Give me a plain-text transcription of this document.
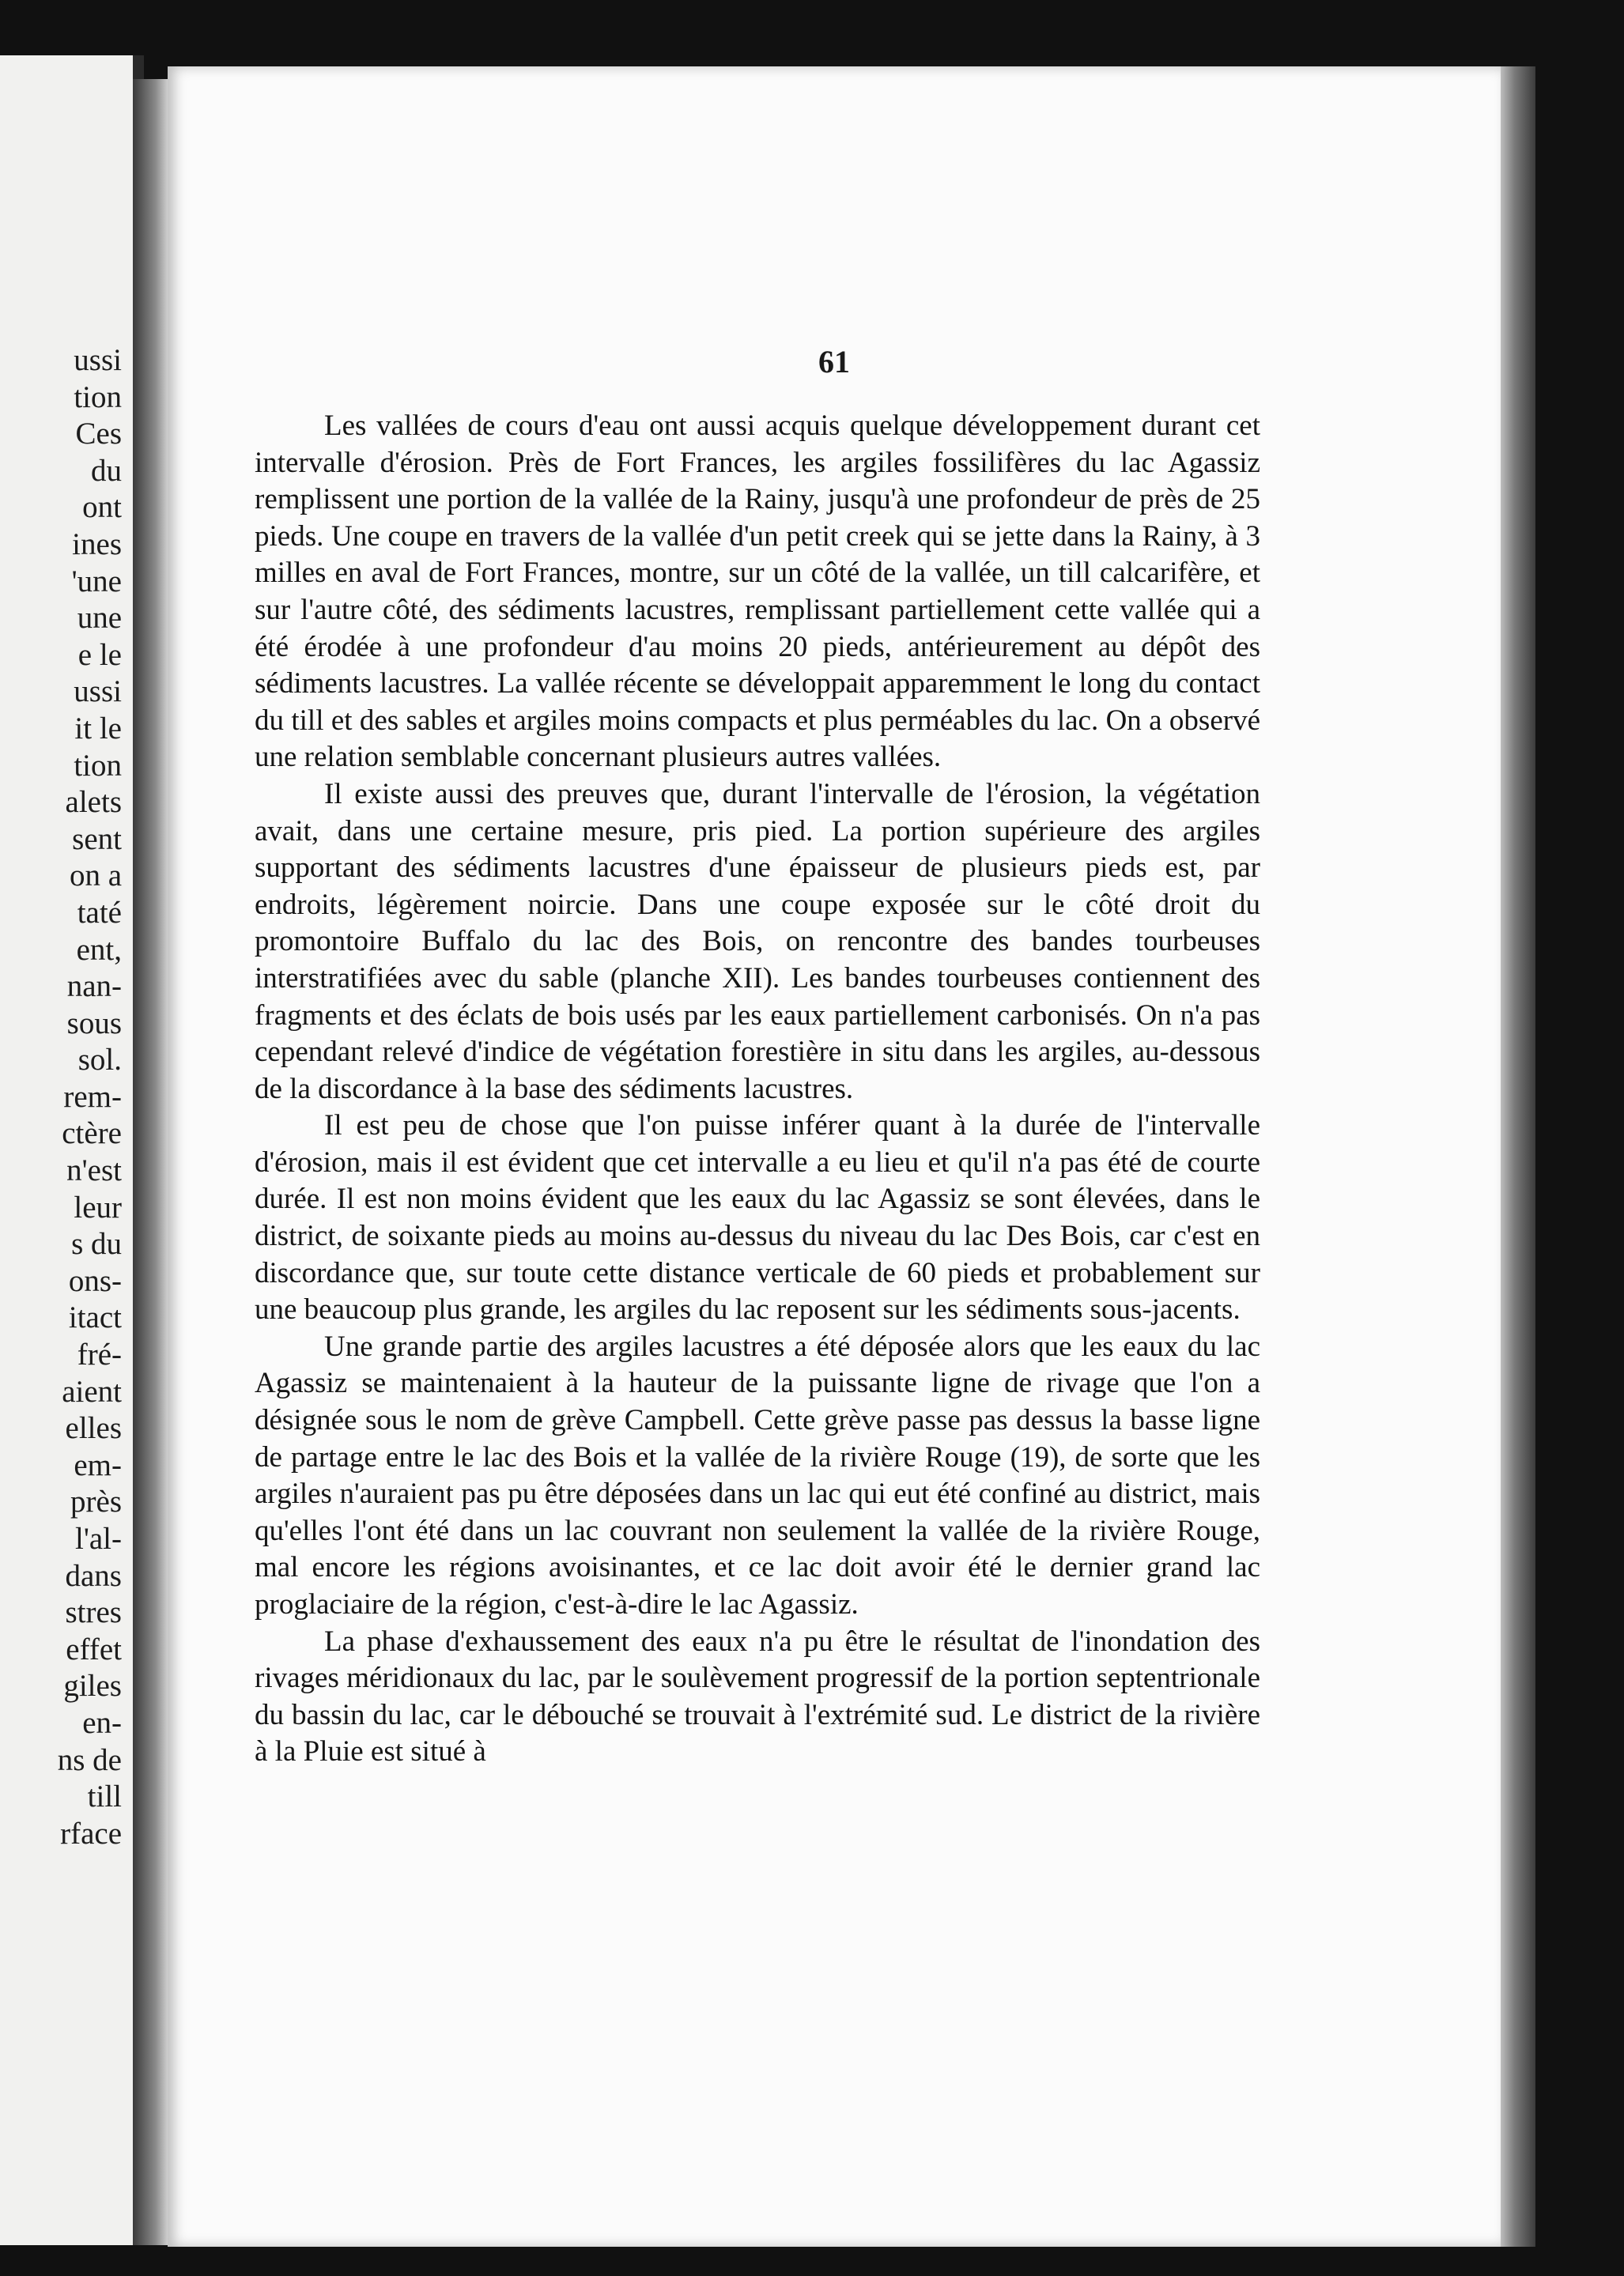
ussi
tion
Ces
du
ont
ines
'une
une
e le
ussi
it le
tion
alets
sent
on a
taté
ent,
nan-
sous
sol.
rem-
ctère
n'est
leur
s du
ons-
itact
fré-
aient
elles
em-
près
l'al-
dans
stres
effet
giles
en-
ns de
till
rface
61

Les vallées de cours d'eau ont aussi acquis quelque développement durant cet intervalle d'érosion. Près de Fort Frances, les argiles fossilifères du lac Agassiz remplissent une portion de la vallée de la Rainy, jusqu'à une profondeur de près de 25 pieds. Une coupe en travers de la vallée d'un petit creek qui se jette dans la Rainy, à 3 milles en aval de Fort Frances, montre, sur un côté de la vallée, un till calcarifère, et sur l'autre côté, des sédiments lacustres, remplissant partiellement cette vallée qui a été érodée à une profondeur d'au moins 20 pieds, antérieurement au dépôt des sédiments lacustres. La vallée récente se développait apparemment le long du contact du till et des sables et argiles moins compacts et plus perméables du lac. On a observé une relation semblable concernant plusieurs autres vallées.

Il existe aussi des preuves que, durant l'intervalle de l'érosion, la végétation avait, dans une certaine mesure, pris pied. La portion supérieure des argiles supportant des sédiments lacustres d'une épaisseur de plusieurs pieds est, par endroits, légèrement noircie. Dans une coupe exposée sur le côté droit du promontoire Buffalo du lac des Bois, on rencontre des bandes tourbeuses interstratifiées avec du sable (planche XII). Les bandes tourbeuses contiennent des fragments et des éclats de bois usés par les eaux partiellement carbonisés. On n'a pas cependant relevé d'indice de végétation forestière in situ dans les argiles, au-dessous de la discordance à la base des sédiments lacustres.

Il est peu de chose que l'on puisse inférer quant à la durée de l'intervalle d'érosion, mais il est évident que cet intervalle a eu lieu et qu'il n'a pas été de courte durée. Il est non moins évident que les eaux du lac Agassiz se sont élevées, dans le district, de soixante pieds au moins au-dessus du niveau du lac Des Bois, car c'est en discordance que, sur toute cette distance verticale de 60 pieds et probablement sur une beaucoup plus grande, les argiles du lac reposent sur les sédiments sous-jacents.

Une grande partie des argiles lacustres a été déposée alors que les eaux du lac Agassiz se maintenaient à la hauteur de la puissante ligne de rivage que l'on a désignée sous le nom de grève Campbell. Cette grève passe pas dessus la basse ligne de partage entre le lac des Bois et la vallée de la rivière Rouge (19), de sorte que les argiles n'auraient pas pu être déposées dans un lac qui eut été confiné au district, mais qu'elles l'ont été dans un lac couvrant non seulement la vallée de la rivière Rouge, mal encore les régions avoisinantes, et ce lac doit avoir été le dernier grand lac proglaciaire de la région, c'est-à-dire le lac Agassiz.

La phase d'exhaussement des eaux n'a pu être le résultat de l'inondation des rivages méridionaux du lac, par le soulèvement progressif de la portion septentrionale du bassin du lac, car le débouché se trouvait à l'extrémité sud. Le district de la rivière à la Pluie est situé à
